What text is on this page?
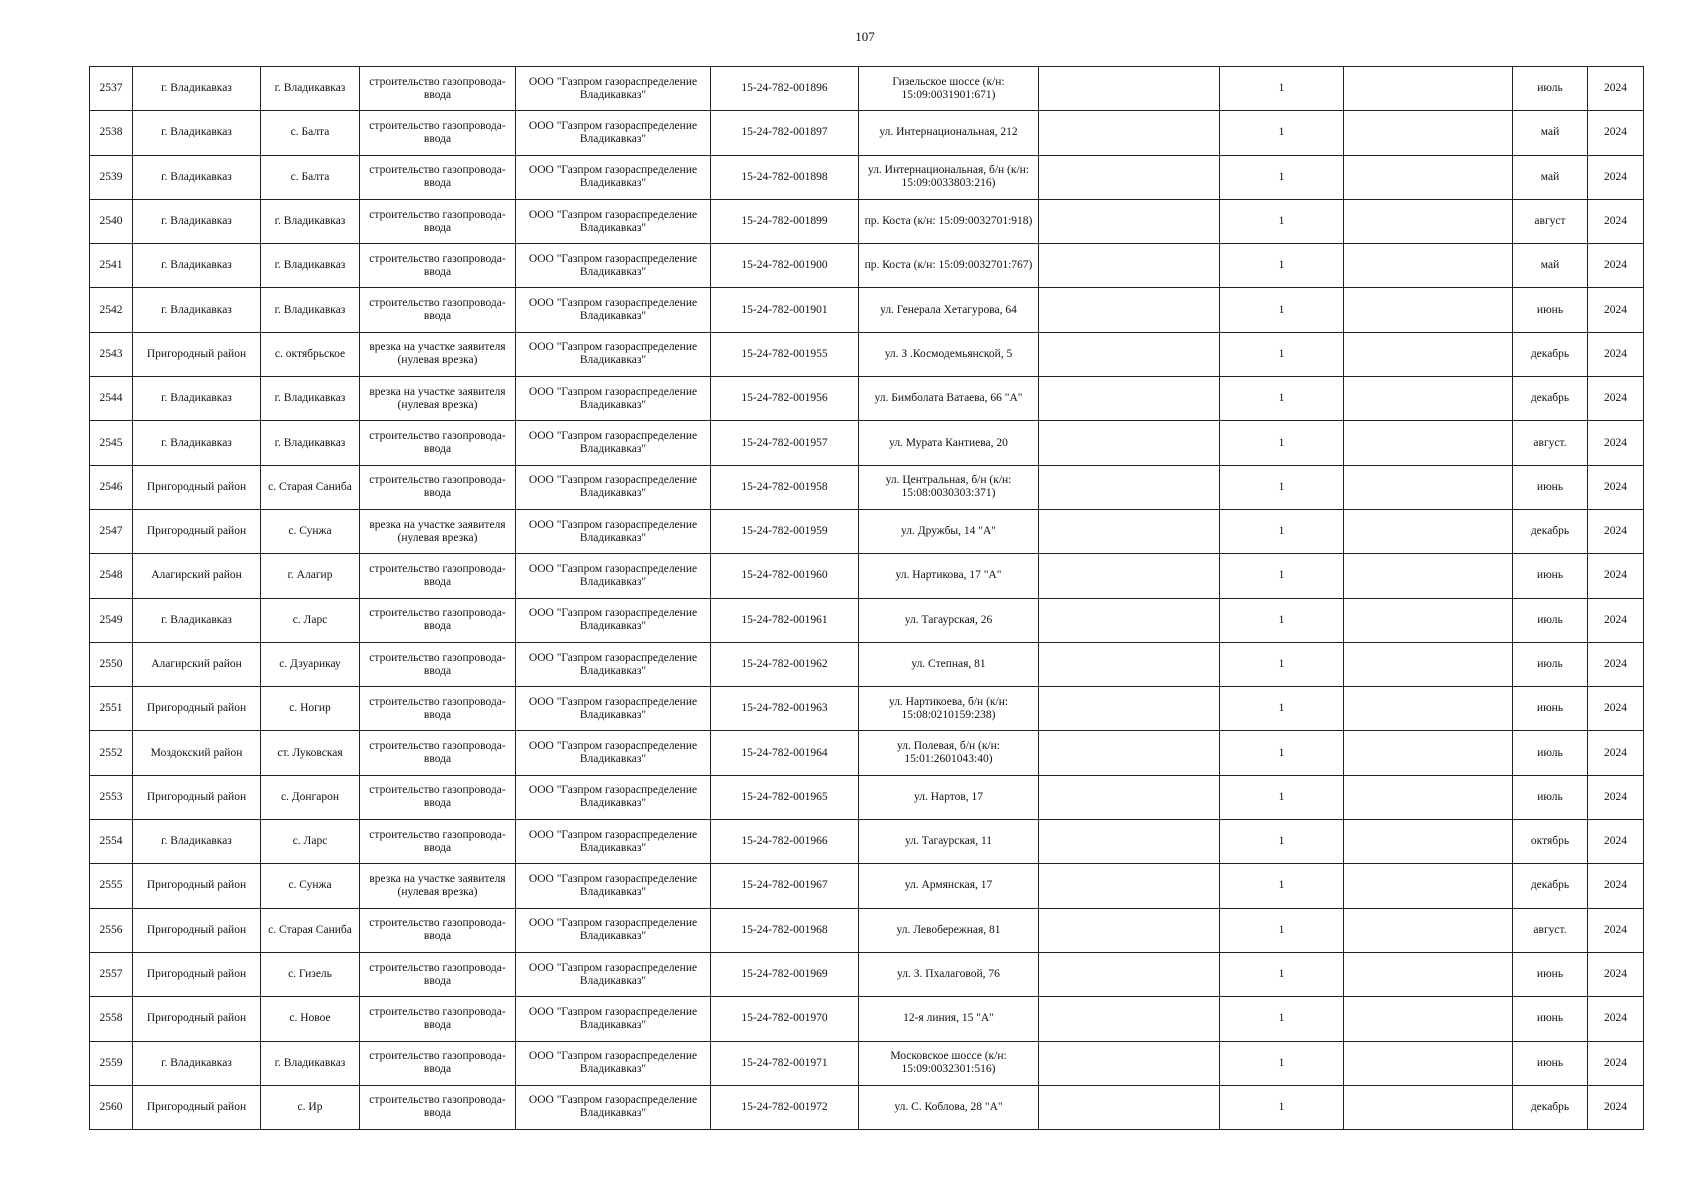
107
2537	г. Владикавказ	г. Владикавказ	строительство газопровода-ввода	ООО "Газпром газораспределение Владикавказ"	15-24-782-001896	Гизельское шоссе (к/н: 15:09:0031901:671)		1		июль	2024
2538	г. Владикавказ	с. Балта	строительство газопровода-ввода	ООО "Газпром газораспределение Владикавказ"	15-24-782-001897	ул. Интернациональная, 212		1		май	2024
2539	г. Владикавказ	с. Балта	строительство газопровода-ввода	ООО "Газпром газораспределение Владикавказ"	15-24-782-001898	ул. Интернациональная, б/н (к/н: 15:09:0033803:216)		1		май	2024
2540	г. Владикавказ	г. Владикавказ	строительство газопровода-ввода	ООО "Газпром газораспределение Владикавказ"	15-24-782-001899	пр. Коста (к/н: 15:09:0032701:918)		1		август	2024
2541	г. Владикавказ	г. Владикавказ	строительство газопровода-ввода	ООО "Газпром газораспределение Владикавказ"	15-24-782-001900	пр. Коста (к/н: 15:09:0032701:767)		1		май	2024
2542	г. Владикавказ	г. Владикавказ	строительство газопровода-ввода	ООО "Газпром газораспределение Владикавказ"	15-24-782-001901	ул. Генерала Хетагурова, 64		1		июнь	2024
2543	Пригородный район	с. октябрьское	врезка на участке заявителя (нулевая врезка)	ООО "Газпром газораспределение Владикавказ"	15-24-782-001955	ул. З .Космодемьянской, 5		1		декабрь	2024
2544	г. Владикавказ	г. Владикавказ	врезка на участке заявителя (нулевая врезка)	ООО "Газпром газораспределение Владикавказ"	15-24-782-001956	ул. Бимболата Ватаева, 66 "А"		1		декабрь	2024
2545	г. Владикавказ	г. Владикавказ	строительство газопровода-ввода	ООО "Газпром газораспределение Владикавказ"	15-24-782-001957	ул. Мурата Кантиева, 20		1		август.	2024
2546	Пригородный район	с. Старая Саниба	строительство газопровода-ввода	ООО "Газпром газораспределение Владикавказ"	15-24-782-001958	ул. Центральная, б/н (к/н: 15:08:0030303:371)		1		июнь	2024
2547	Пригородный район	с. Сунжа	врезка на участке заявителя (нулевая врезка)	ООО "Газпром газораспределение Владикавказ"	15-24-782-001959	ул. Дружбы, 14 "А"		1		декабрь	2024
2548	Алагирский район	г. Алагир	строительство газопровода-ввода	ООО "Газпром газораспределение Владикавказ"	15-24-782-001960	ул. Нартикова, 17 "А"		1		июнь	2024
2549	г. Владикавказ	с. Ларс	строительство газопровода-ввода	ООО "Газпром газораспределение Владикавказ"	15-24-782-001961	ул. Тагаурская, 26		1		июль	2024
2550	Алагирский район	с. Дзуарикау	строительство газопровода-ввода	ООО "Газпром газораспределение Владикавказ"	15-24-782-001962	ул. Степная, 81		1		июль	2024
2551	Пригородный район	с. Ногир	строительство газопровода-ввода	ООО "Газпром газораспределение Владикавказ"	15-24-782-001963	ул. Нартикоева, б/н (к/н: 15:08:0210159:238)		1		июнь	2024
2552	Моздокский район	ст. Луковская	строительство газопровода-ввода	ООО "Газпром газораспределение Владикавказ"	15-24-782-001964	ул. Полевая, б/н (к/н: 15:01:2601043:40)		1		июль	2024
2553	Пригородный район	с. Донгарон	строительство газопровода-ввода	ООО "Газпром газораспределение Владикавказ"	15-24-782-001965	ул. Нартов, 17		1		июль	2024
2554	г. Владикавказ	с. Ларс	строительство газопровода-ввода	ООО "Газпром газораспределение Владикавказ"	15-24-782-001966	ул. Тагаурская, 11		1		октябрь	2024
2555	Пригородный район	с. Сунжа	врезка на участке заявителя (нулевая врезка)	ООО "Газпром газораспределение Владикавказ"	15-24-782-001967	ул. Армянская, 17		1		декабрь	2024
2556	Пригородный район	с. Старая Саниба	строительство газопровода-ввода	ООО "Газпром газораспределение Владикавказ"	15-24-782-001968	ул. Левобережная, 81		1		август.	2024
2557	Пригородный район	с. Гизель	строительство газопровода-ввода	ООО "Газпром газораспределение Владикавказ"	15-24-782-001969	ул. З. Пхалаговой, 76		1		июнь	2024
2558	Пригородный район	с. Новое	строительство газопровода-ввода	ООО "Газпром газораспределение Владикавказ"	15-24-782-001970	12-я линия, 15 "А"		1		июнь	2024
2559	г. Владикавказ	г. Владикавказ	строительство газопровода-ввода	ООО "Газпром газораспределение Владикавказ"	15-24-782-001971	Московское шоссе (к/н: 15:09:0032301:516)		1		июнь	2024
2560	Пригородный район	с. Ир	строительство газопровода-ввода	ООО "Газпром газораспределение Владикавказ"	15-24-782-001972	ул. С. Коблова, 28 "А"		1		декабрь	2024
